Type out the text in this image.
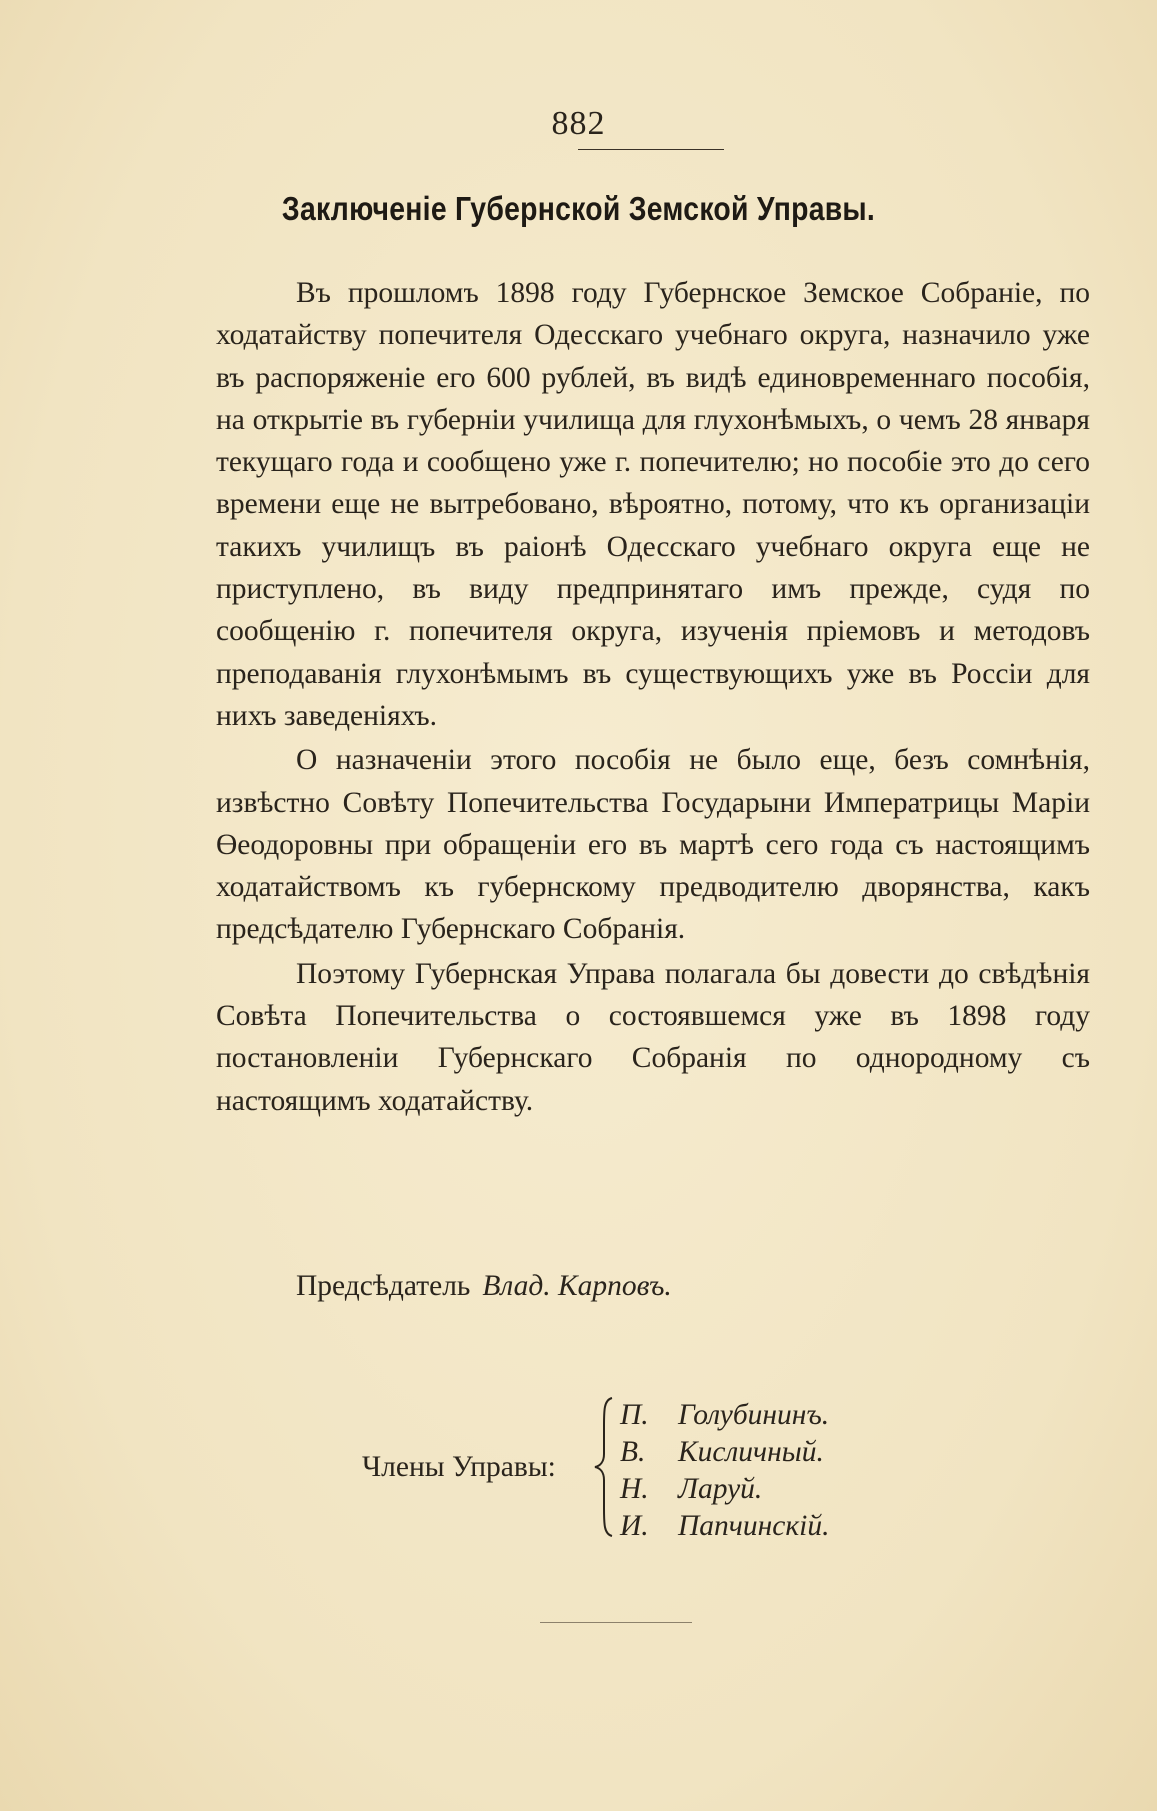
882
Заключеніе Губернской Земской Управы.

Въ прошломъ 1898 году Губернское Земское Собраніе, по ходатайству попечителя Одесскаго учебнаго округа, назначило уже въ распоряженіе его 600 рублей, въ видѣ единовременнаго пособія, на открытіе въ губерніи училища для глухонѣмыхъ, о чемъ 28 января текущаго года и сообщено уже г. попечителю; но пособіе это до сего времени еще не вытребовано, вѣроятно, потому, что къ организаціи такихъ училищъ въ раіонѣ Одесскаго учебнаго округа еще не приступлено, въ виду предпринятаго имъ прежде, судя по сообщенію г. попечителя округа, изученія пріемовъ и методовъ преподаванія глухонѣмымъ въ существующихъ уже въ Россіи для нихъ заведеніяхъ.

О назначеніи этого пособія не было еще, безъ сомнѣнія, извѣстно Совѣту Попечительства Государыни Императрицы Маріи Өеодоровны при обращеніи его въ мартѣ сего года съ настоящимъ ходатайствомъ къ губернскому предводителю дворянства, какъ предсѣдателю Губернскаго Собранія.

Поэтому Губернская Управа полагала бы довести до свѣдѣнія Совѣта Попечительства о состоявшемся уже въ 1898 году постановленіи Губернскаго Собранія по однородному съ настоящимъ ходатайству.

Предсѣдатель Влад. Карповъ.
Члены Управы:
П. Голубининъ.
В. Кисличный.
Н. Ларуй.
И. Папчинскій.
